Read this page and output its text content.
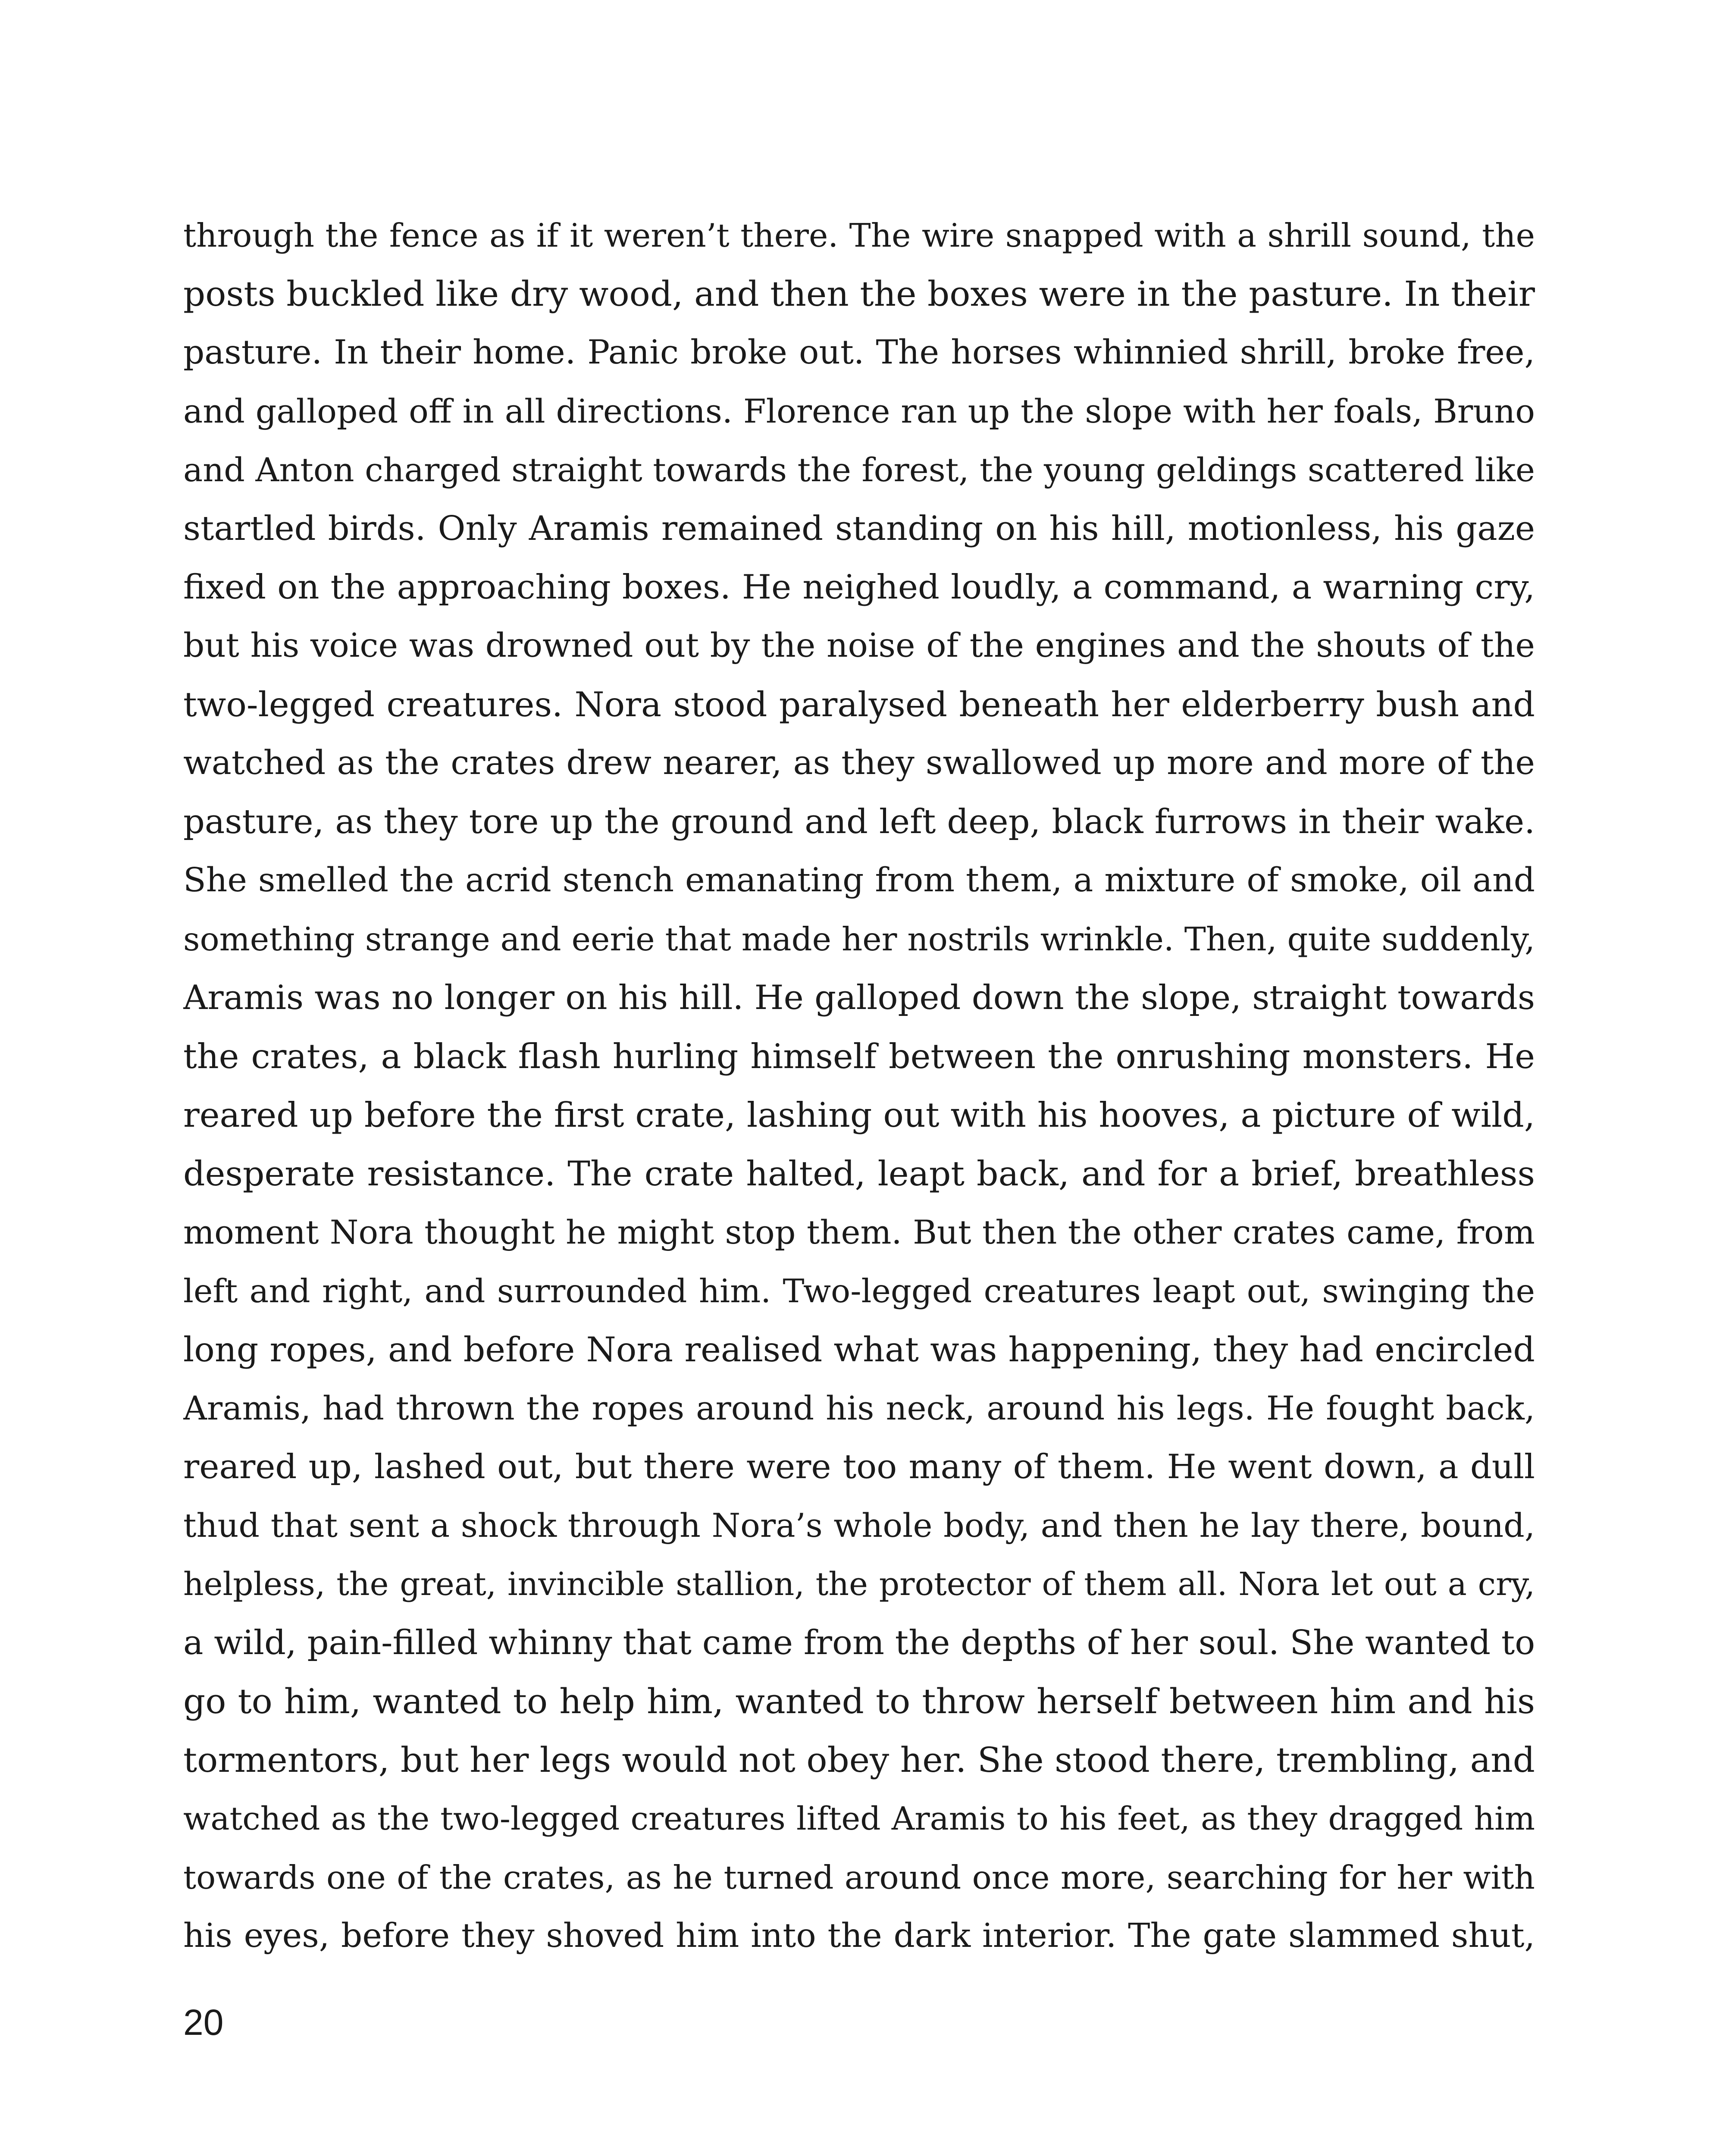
through the fence as if it weren’t there. The wire snapped with a shrill sound, the
posts buckled like dry wood, and then the boxes were in the pasture. In their
pasture. In their home. Panic broke out. The horses whinnied shrill, broke free,
and galloped off in all directions. Florence ran up the slope with her foals, Bruno
and Anton charged straight towards the forest, the young geldings scattered like
startled birds. Only Aramis remained standing on his hill, motionless, his gaze
fixed on the approaching boxes. He neighed loudly, a command, a warning cry,
but his voice was drowned out by the noise of the engines and the shouts of the
two-legged creatures. Nora stood paralysed beneath her elderberry bush and
watched as the crates drew nearer, as they swallowed up more and more of the
pasture, as they tore up the ground and left deep, black furrows in their wake.
She smelled the acrid stench emanating from them, a mixture of smoke, oil and
something strange and eerie that made her nostrils wrinkle. Then, quite suddenly,
Aramis was no longer on his hill. He galloped down the slope, straight towards
the crates, a black flash hurling himself between the onrushing monsters. He
reared up before the first crate, lashing out with his hooves, a picture of wild,
desperate resistance. The crate halted, leapt back, and for a brief, breathless
moment Nora thought he might stop them. But then the other crates came, from
left and right, and surrounded him. Two-legged creatures leapt out, swinging the
long ropes, and before Nora realised what was happening, they had encircled
Aramis, had thrown the ropes around his neck, around his legs. He fought back,
reared up, lashed out, but there were too many of them. He went down, a dull
thud that sent a shock through Nora’s whole body, and then he lay there, bound,
helpless, the great, invincible stallion, the protector of them all. Nora let out a cry,
a wild, pain-filled whinny that came from the depths of her soul. She wanted to
go to him, wanted to help him, wanted to throw herself between him and his
tormentors, but her legs would not obey her. She stood there, trembling, and
watched as the two-legged creatures lifted Aramis to his feet, as they dragged him
towards one of the crates, as he turned around once more, searching for her with
his eyes, before they shoved him into the dark interior. The gate slammed shut,
20
